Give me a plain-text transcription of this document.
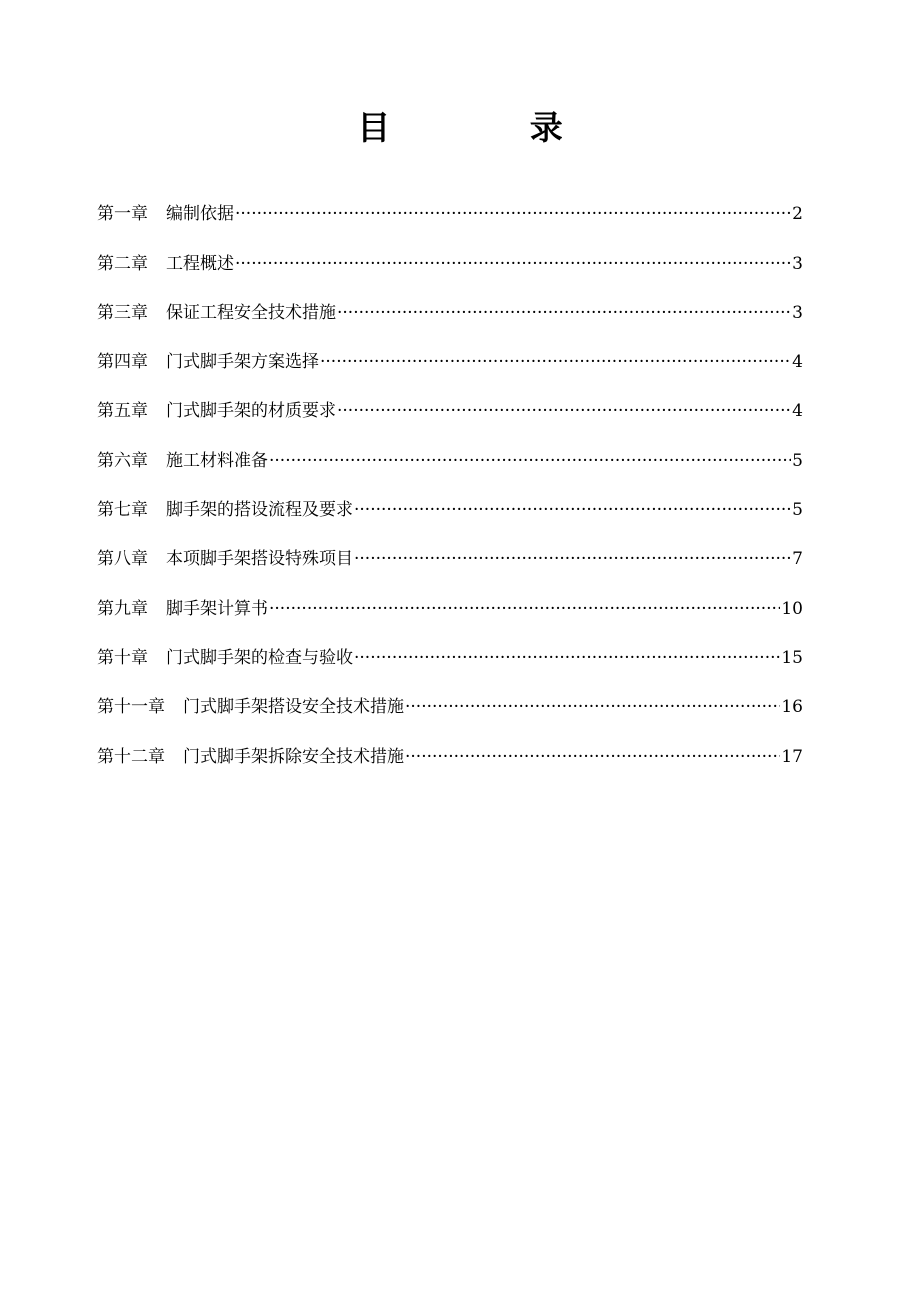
目 录
第一章	编制依据 ·····	2
第二章	工程概述 ·····	3
第三章	保证工程安全技术措施 ·····	3
第四章	门式脚手架方案选择 ·····	4
第五章	门式脚手架的材质要求 ·····	4
第六章	施工材料准备 ·····	5
第七章	脚手架的搭设流程及要求 ·····	5
第八章	本项脚手架搭设特殊项目 ·····	7
第九章	脚手架计算书 ·····	10
第十章	门式脚手架的检查与验收 ·····	15
第十一章	门式脚手架搭设安全技术措施 ·····	16
第十二章	门式脚手架拆除安全技术措施 ·····	17
